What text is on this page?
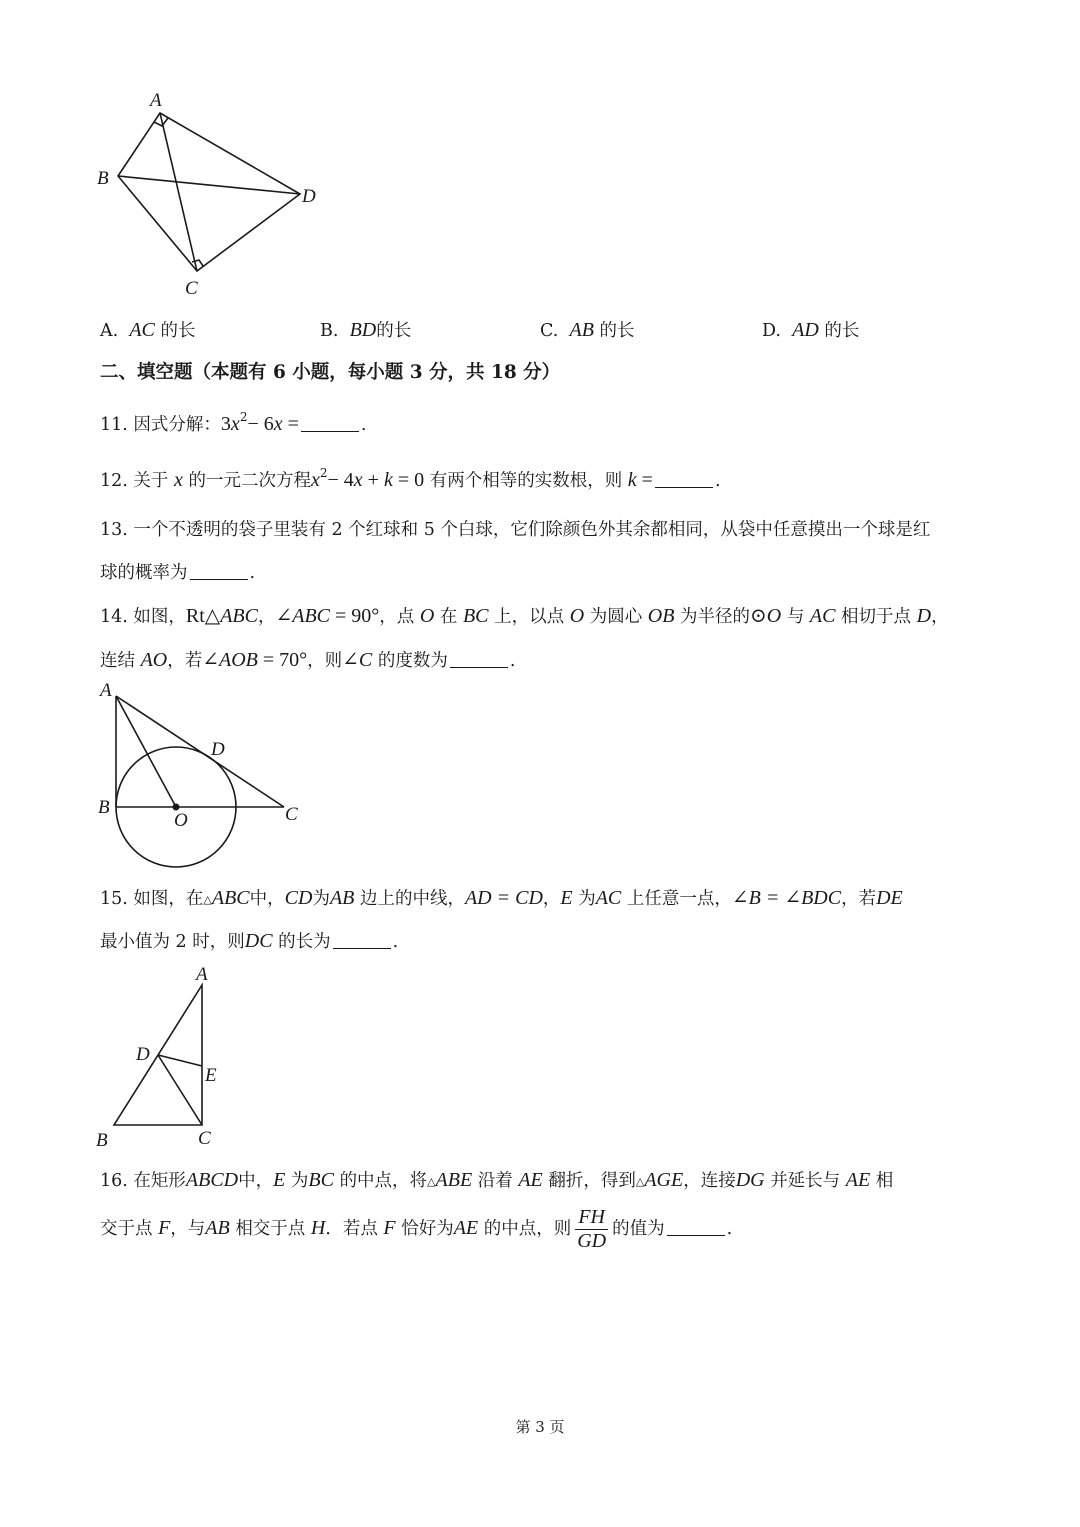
A
B
C
D
A. AC 的长	B. BD的长	C. AB 的长	D. AD 的长
二、填空题（本题有 6 小题，每小题 3 分，共 18 分）
11. 因式分解：$3x^2- 6x$ =	.
12. 关于 x 的一元二次方程$x^2- 4x + k = 0$ 有两个相等的实数根，则 k =	.
13. 一个不透明的袋子里装有 2 个红球和 5 个白球，它们除颜色外其余都相同，从袋中任意摸出一个球是红
球的概率为	.
14. 如图，Rt△ABC，∠ABC = 90°，点 O 在 BC 上，以点 O 为圆心 OB 为半径的⊙O 与 AC 相切于点 D，
连结 AO，若∠AOB = 70°，则∠C 的度数为	.
A
B	C
D
O
15. 如图，在△ABC中，CD为AB 边上的中线，AD = CD，E 为AC 上任意一点，∠B = ∠BDC，若DE
最小值为 2 时，则DC 的长为	.
A
B	C
D
E
16. 在矩形ABCD中，E 为BC 的中点，将△ABE 沿着 AE 翻折，得到△AGE，连接DG 并延长与 AE 相
交于点 F，与AB 相交于点 H．若点 F 恰好为AE 的中点，则 $\frac{FH}{GD}$ 的值为	.
第 3 页
